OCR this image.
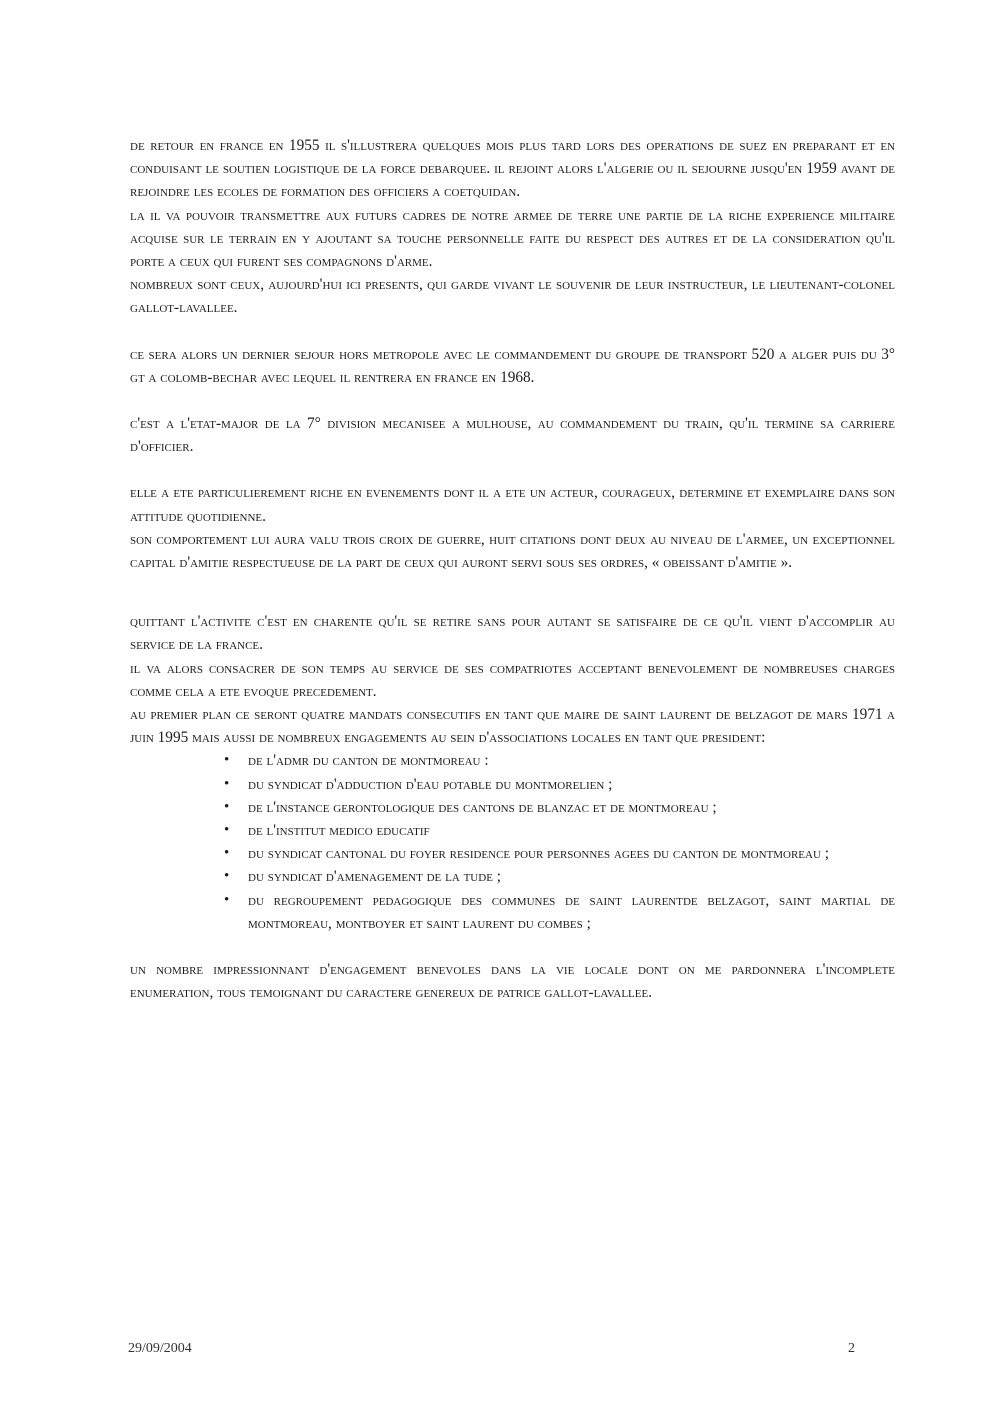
de retour en france en 1955 il s'illustrera quelques mois plus tard lors des operations de suez en preparant et en conduisant le soutien logistique de la force debarquee. il rejoint alors l'algerie ou il sejourne jusqu'en 1959 avant de rejoindre les ecoles de formation des officiers a coetquidan.

la il va pouvoir transmettre aux futurs cadres de notre armee de terre une partie de la riche experience militaire acquise sur le terrain en y ajoutant sa touche personnelle faite du respect des autres et de la consideration qu'il porte a ceux qui furent ses compagnons d'arme.

nombreux sont ceux, aujourd'hui ici presents, qui garde vivant le souvenir de leur instructeur, le lieutenant-colonel gallot-lavallee.

ce sera alors un dernier sejour hors metropole avec le commandement du groupe de transport 520 a alger puis du 3° gt a colomb-bechar avec lequel il rentrera en france en 1968.

c'est a l'etat-major de la 7° division mecanisee a mulhouse, au commandement du train, qu'il termine sa carriere d'officier.

elle a ete particulierement riche en evenements dont il a ete un acteur, courageux, determine et exemplaire dans son attitude quotidienne.

son comportement lui aura valu trois croix de guerre, huit citations dont deux au niveau de l'armee, un exceptionnel capital d'amitie respectueuse de la part de ceux qui auront servi sous ses ordres, « obeissant d'amitie ».

quittant l'activite c'est en charente qu'il se retire sans pour autant se satisfaire de ce qu'il vient d'accomplir au service de la france.

il va alors consacrer de son temps au service de ses compatriotes acceptant benevolement de nombreuses charges comme cela a ete evoque precedement.

au premier plan ce seront quatre mandats consecutifs en tant que maire de saint laurent de belzagot de mars 1971 a juin 1995 mais aussi de nombreux engagements au sein d'associations locales en tant que president:

• de l'admr du canton de montmoreau :
• du syndicat d'adduction d'eau potable du montmorelien ;
• de l'instance gerontologique des cantons de blanzac et de montmoreau ;
• de l'institut medico educatif
• du syndicat cantonal du foyer residence pour personnes agees du canton de montmoreau ;
• du syndicat d'amenagement de la tude ;
• du regroupement pedagogique des communes de saint laurentde belzagot, saint martial de montmoreau, montboyer et saint laurent du combes ;

un nombre impressionnant d'engagement benevoles dans la vie locale dont on me pardonnera l'incomplete enumeration, tous temoignant du caractere genereux de patrice gallot-lavallee.

29/09/2004	2
